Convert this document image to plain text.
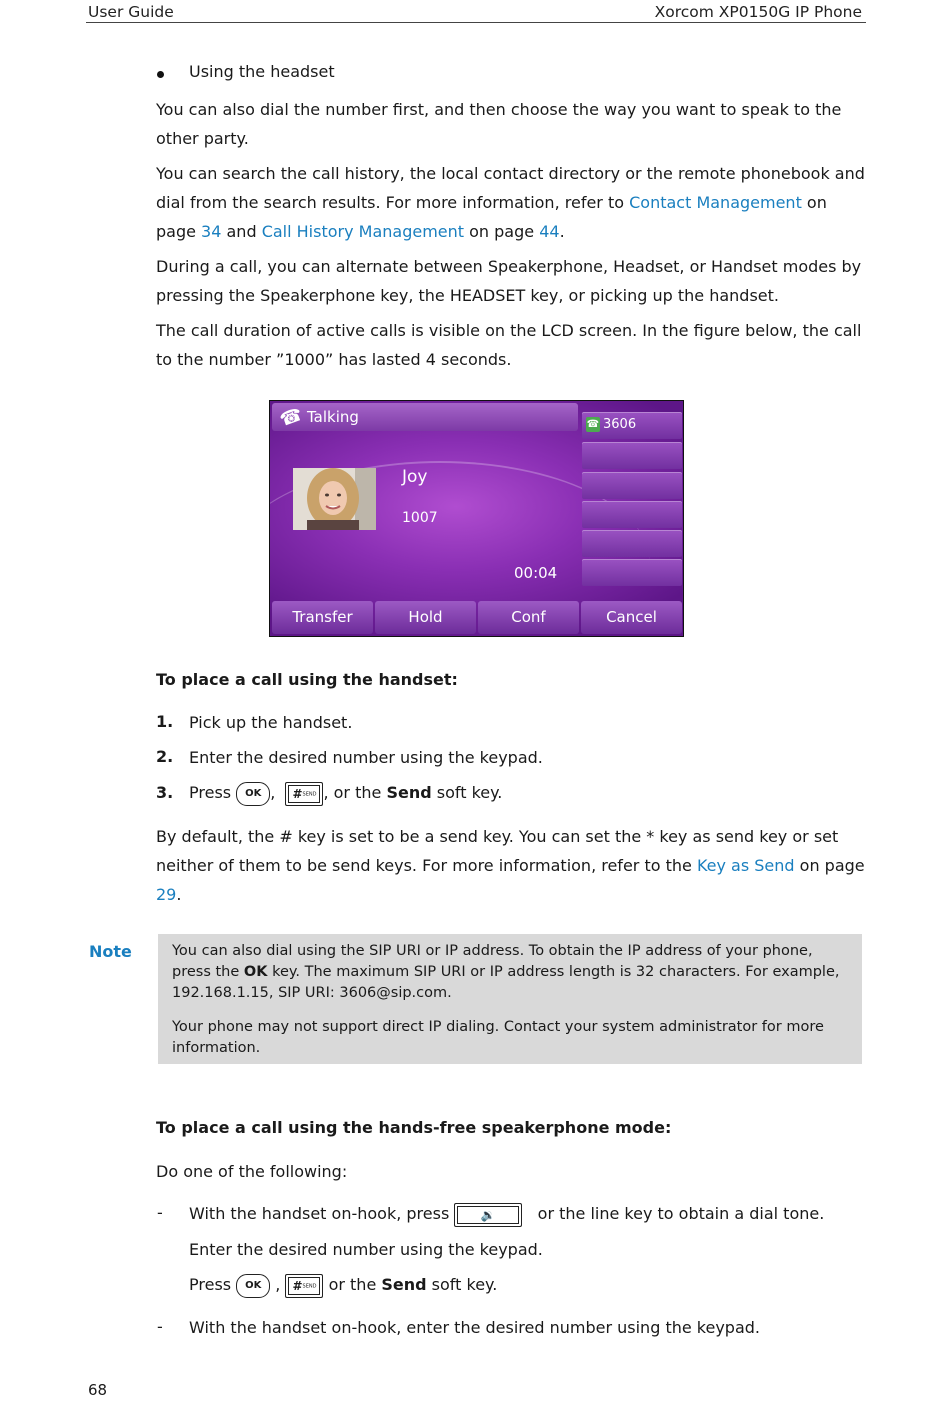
User Guide	Xorcom XP0150G IP Phone

Using the headset

You can also dial the number first, and then choose the way you want to speak to the other party.

You can search the call history, the local contact directory or the remote phonebook and dial from the search results. For more information, refer to Contact Management on page 34 and Call History Management on page 44.

During a call, you can alternate between Speakerphone, Headset, or Handset modes by pressing the Speakerphone key, the HEADSET key, or picking up the handset.

The call duration of active calls is visible on the LCD screen. In the figure below, the call to the number ”1000” has lasted 4 seconds.

☎ Talking	☎ 3606
Joy
1007
00:04
Transfer	Hold	Conf	Cancel
To place a call using the handset:
1. Pick up the handset.
2. Enter the desired number using the keypad.
3. Press OK , #SEND , or the Send soft key.

By default, the # key is set to be a send key. You can set the * key as send key or set neither of them to be send keys. For more information, refer to the Key as Send on page 29.

Note	You can also dial using the SIP URI or IP address. To obtain the IP address of your phone, press the OK key. The maximum SIP URI or IP address length is 32 characters. For example, 192.168.1.15, SIP URI: 3606@sip.com.

Your phone may not support direct IP dialing. Contact your system administrator for more information.

To place a call using the hands-free speakerphone mode:
Do one of the following:
- With the handset on-hook, press 🔉   or the line key to obtain a dial tone.
Enter the desired number using the keypad.
Press OK , #SEND or the Send soft key.
- With the handset on-hook, enter the desired number using the keypad.
68
